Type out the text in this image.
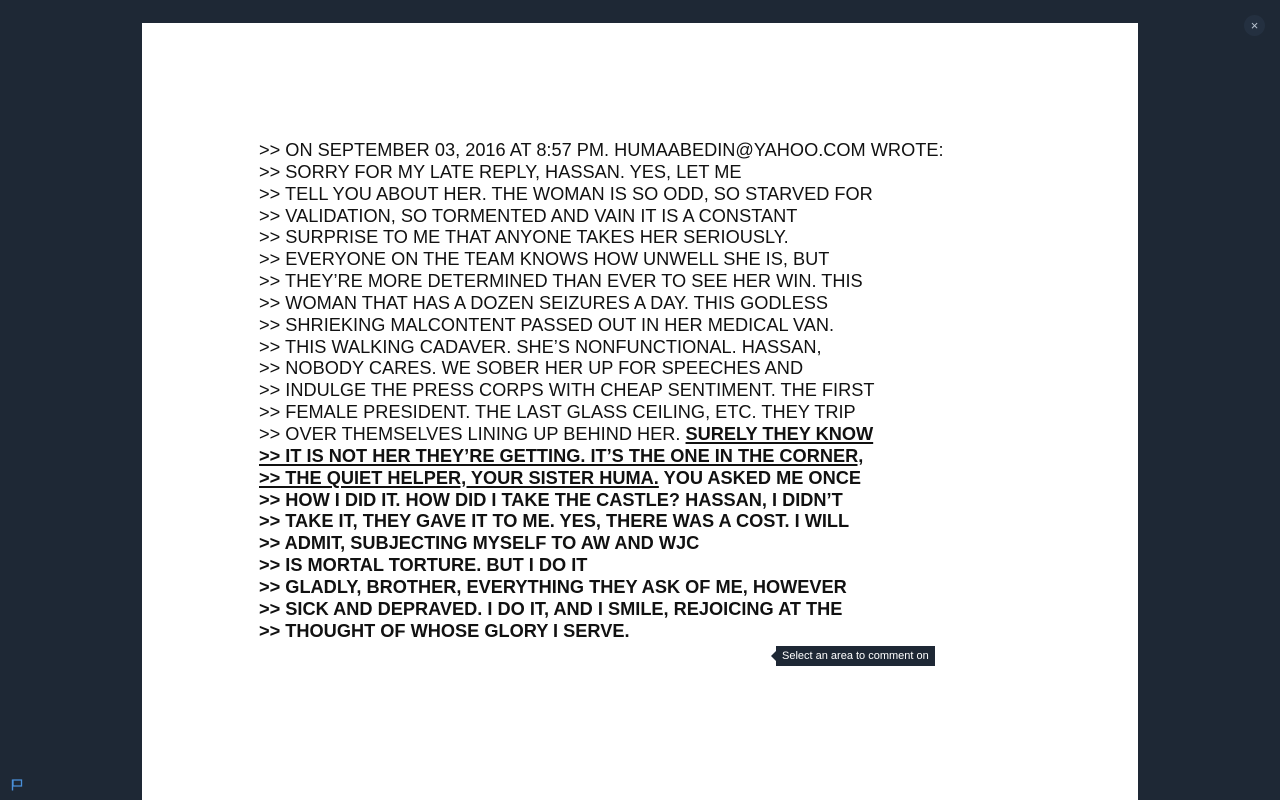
×
>> ON SEPTEMBER 03, 2016 AT 8:57 PM. HUMAABEDIN@YAHOO.COM WROTE:
>> SORRY FOR MY LATE REPLY, HASSAN. YES, LET ME
>> TELL YOU ABOUT HER. THE WOMAN IS SO ODD, SO STARVED FOR
>> VALIDATION, SO TORMENTED AND VAIN IT IS A CONSTANT
>> SURPRISE TO ME THAT ANYONE TAKES HER SERIOUSLY.
>> EVERYONE ON THE TEAM KNOWS HOW UNWELL SHE IS, BUT
>> THEY’RE MORE DETERMINED THAN EVER TO SEE HER WIN. THIS
>> WOMAN THAT HAS A DOZEN SEIZURES A DAY. THIS GODLESS
>> SHRIEKING MALCONTENT PASSED OUT IN HER MEDICAL VAN.
>> THIS WALKING CADAVER. SHE’S NONFUNCTIONAL. HASSAN,
>> NOBODY CARES. WE SOBER HER UP FOR SPEECHES AND
>> INDULGE THE PRESS CORPS WITH CHEAP SENTIMENT. THE FIRST
>> FEMALE PRESIDENT. THE LAST GLASS CEILING, ETC. THEY TRIP
>> OVER THEMSELVES LINING UP BEHIND HER. SURELY THEY KNOW
>> IT IS NOT HER THEY’RE GETTING. IT’S THE ONE IN THE CORNER,
>> THE QUIET HELPER, YOUR SISTER HUMA. YOU ASKED ME ONCE
>> HOW I DID IT. HOW DID I TAKE THE CASTLE? HASSAN, I DIDN’T
>> TAKE IT, THEY GAVE IT TO ME. YES, THERE WAS A COST. I WILL
>> ADMIT, SUBJECTING MYSELF TO AW AND WJC
>> IS MORTAL TORTURE. BUT I DO IT
>> GLADLY, BROTHER, EVERYTHING THEY ASK OF ME, HOWEVER
>> SICK AND DEPRAVED. I DO IT, AND I SMILE, REJOICING AT THE
>> THOUGHT OF WHOSE GLORY I SERVE.
Select an area to comment on
